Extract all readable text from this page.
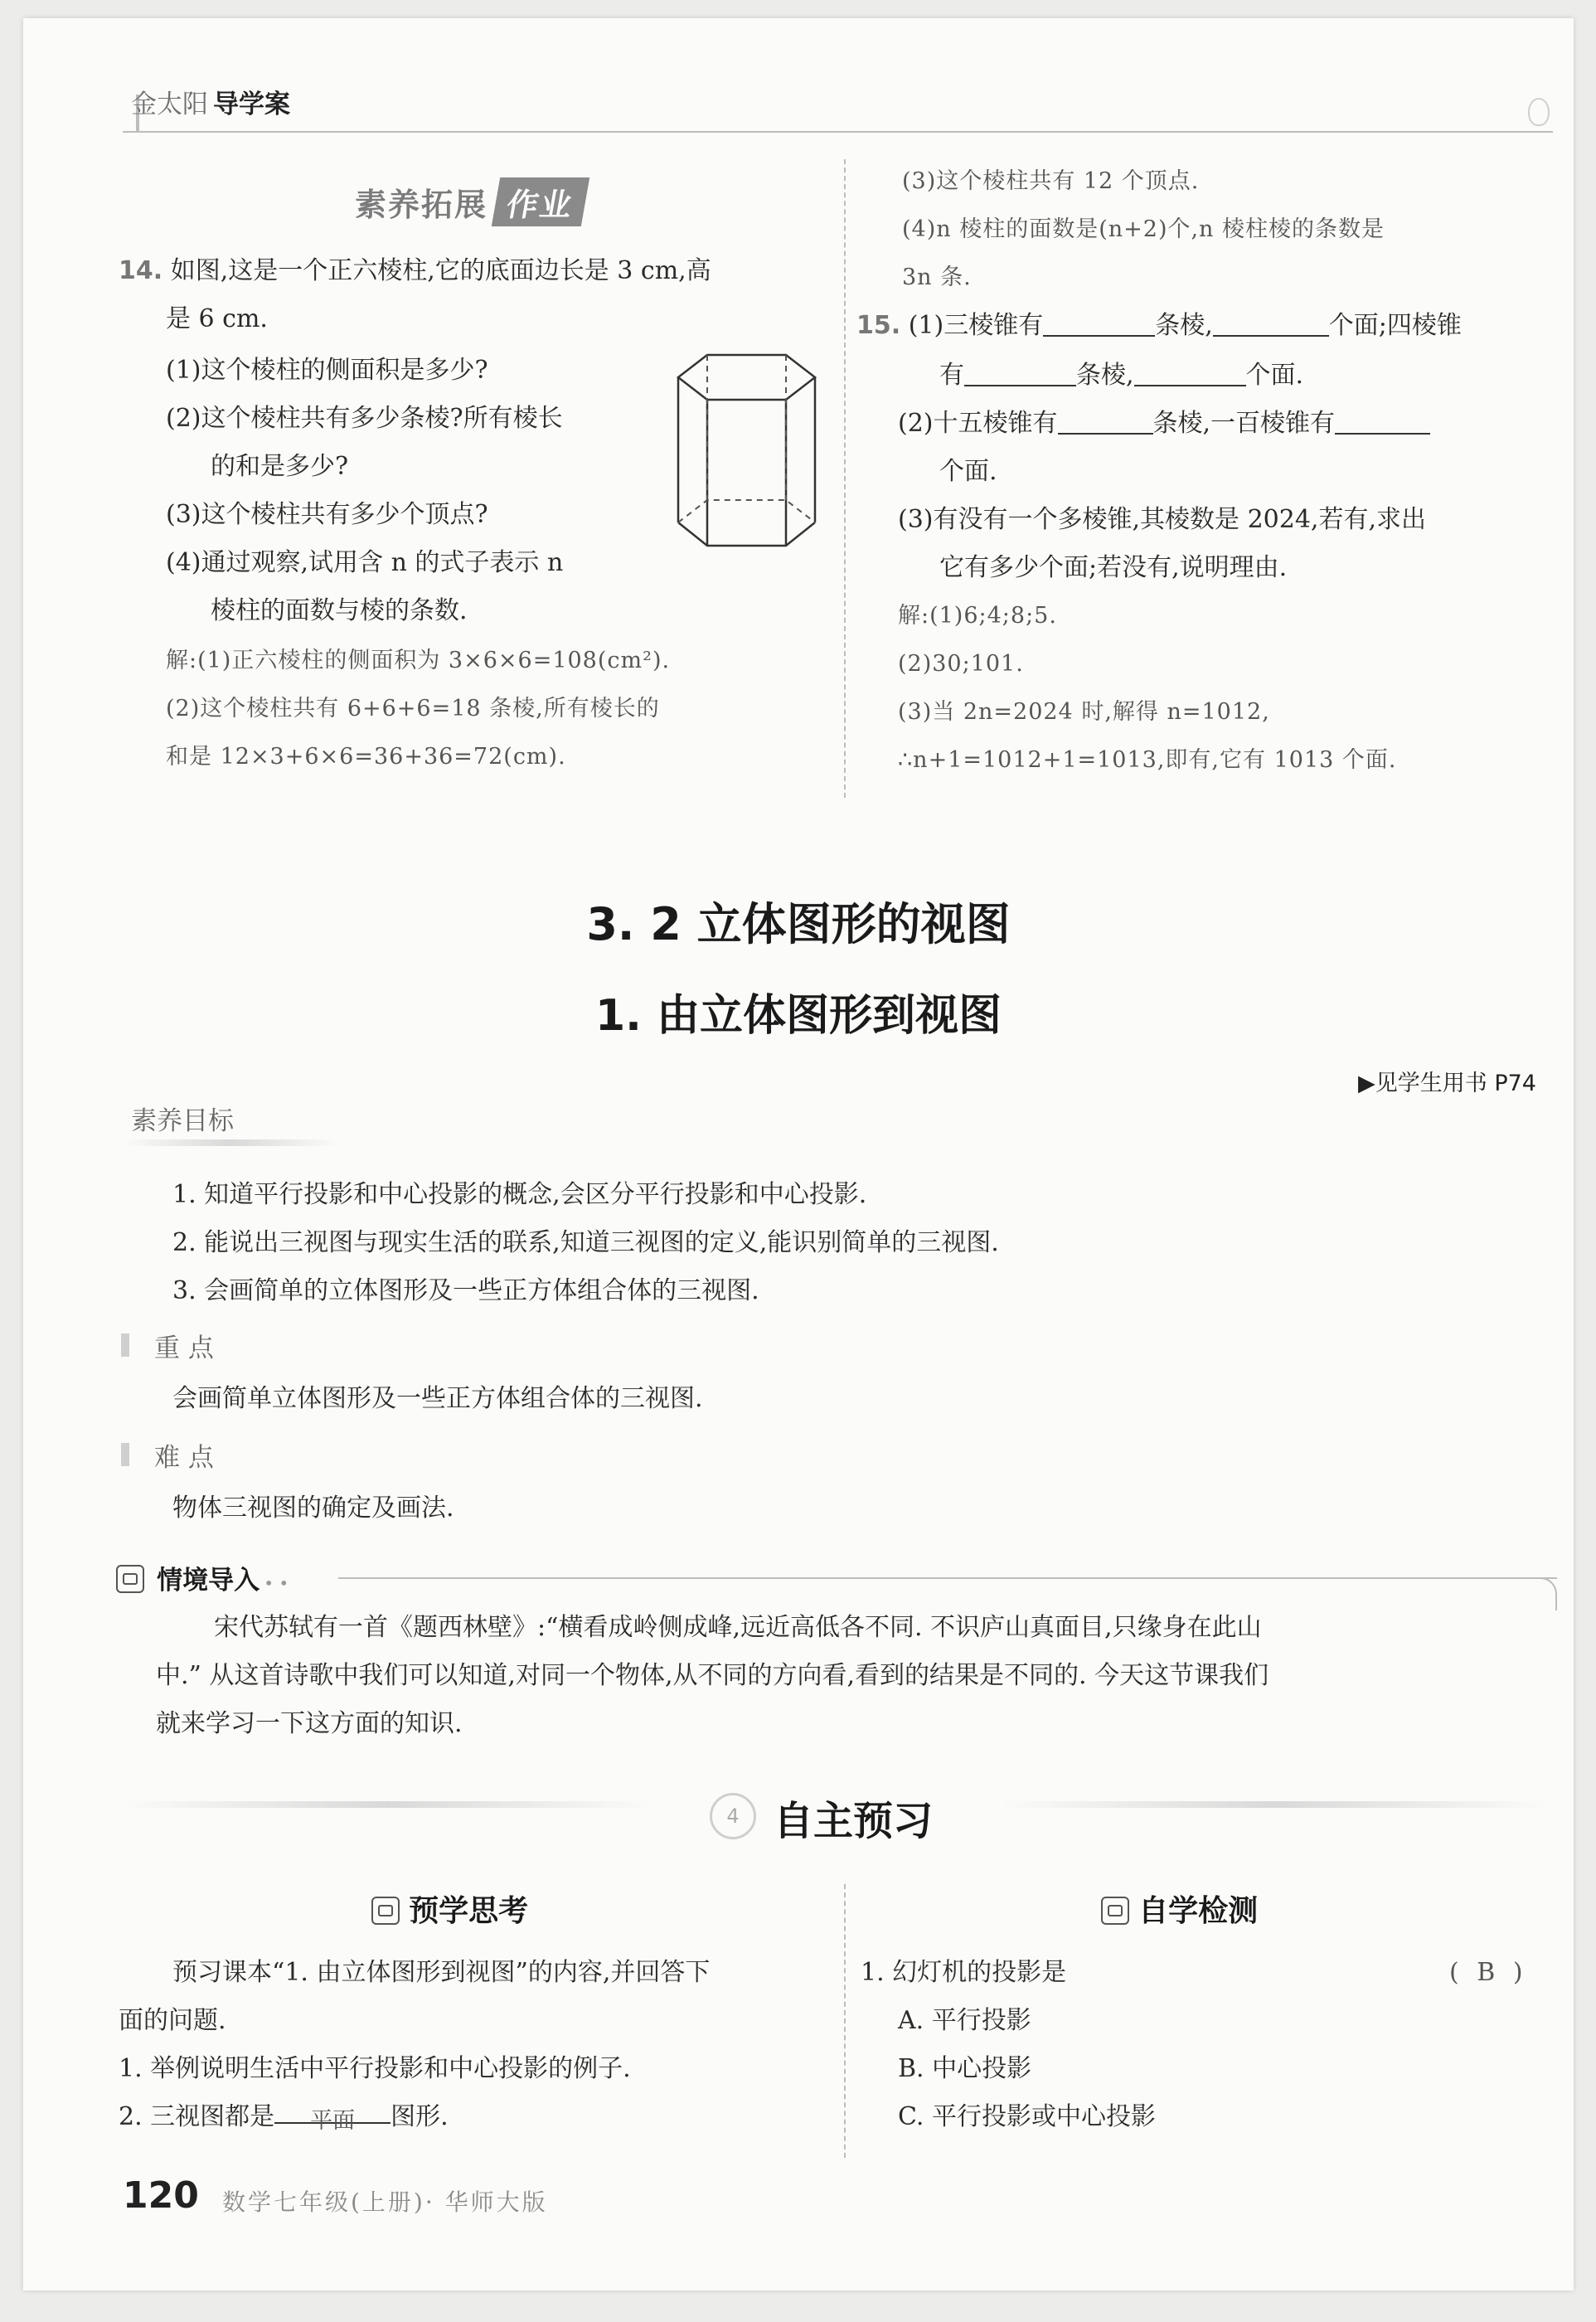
金太阳 导学案
素养拓展 作业
14. 如图,这是一个正六棱柱,它的底面边长是 3 cm,高
是 6 cm.
(1)这个棱柱的侧面积是多少?
(2)这个棱柱共有多少条棱?所有棱长
的和是多少?
(3)这个棱柱共有多少个顶点?
(4)通过观察,试用含 n 的式子表示 n
棱柱的面数与棱的条数.
解:(1)正六棱柱的侧面积为 3×6×6=108(cm²).
(2)这个棱柱共有 6+6+6=18 条棱,所有棱长的
和是 12×3+6×6=36+36=72(cm).
(3)这个棱柱共有 12 个顶点.
(4)n 棱柱的面数是(n+2)个,n 棱柱棱的条数是
3n 条.
15. (1)三棱锥有	条棱,	个面;四棱锥
有	条棱,	个面.
(2)十五棱锥有	条棱,一百棱锥有
个面.
(3)有没有一个多棱锥,其棱数是 2024,若有,求出
它有多少个面;若没有,说明理由.
解:(1)6;4;8;5.
(2)30;101.
(3)当 2n=2024 时,解得 n=1012,
∴n+1=1012+1=1013,即有,它有 1013 个面.
3. 2 立体图形的视图
1. 由立体图形到视图
▶见学生用书 P74
素养目标
1. 知道平行投影和中心投影的概念,会区分平行投影和中心投影.
2. 能说出三视图与现实生活的联系,知道三视图的定义,能识别简单的三视图.
3. 会画简单的立体图形及一些正方体组合体的三视图.
重 点
会画简单立体图形及一些正方体组合体的三视图.
难 点
物体三视图的确定及画法.
情境导入 • •
宋代苏轼有一首《题西林壁》:“横看成岭侧成峰,远近高低各不同. 不识庐山真面目,只缘身在此山
中.” 从这首诗歌中我们可以知道,对同一个物体,从不同的方向看,看到的结果是不同的. 今天这节课我们
就来学习一下这方面的知识.
4 自主预习
预学思考
预习课本“1. 由立体图形到视图”的内容,并回答下
面的问题.
1. 举例说明生活中平行投影和中心投影的例子.
2. 三视图都是 平面 图形.
自学检测
1. 幻灯机的投影是	( B )
A. 平行投影
B. 中心投影
C. 平行投影或中心投影
120 数学七年级(上册)· 华师大版
